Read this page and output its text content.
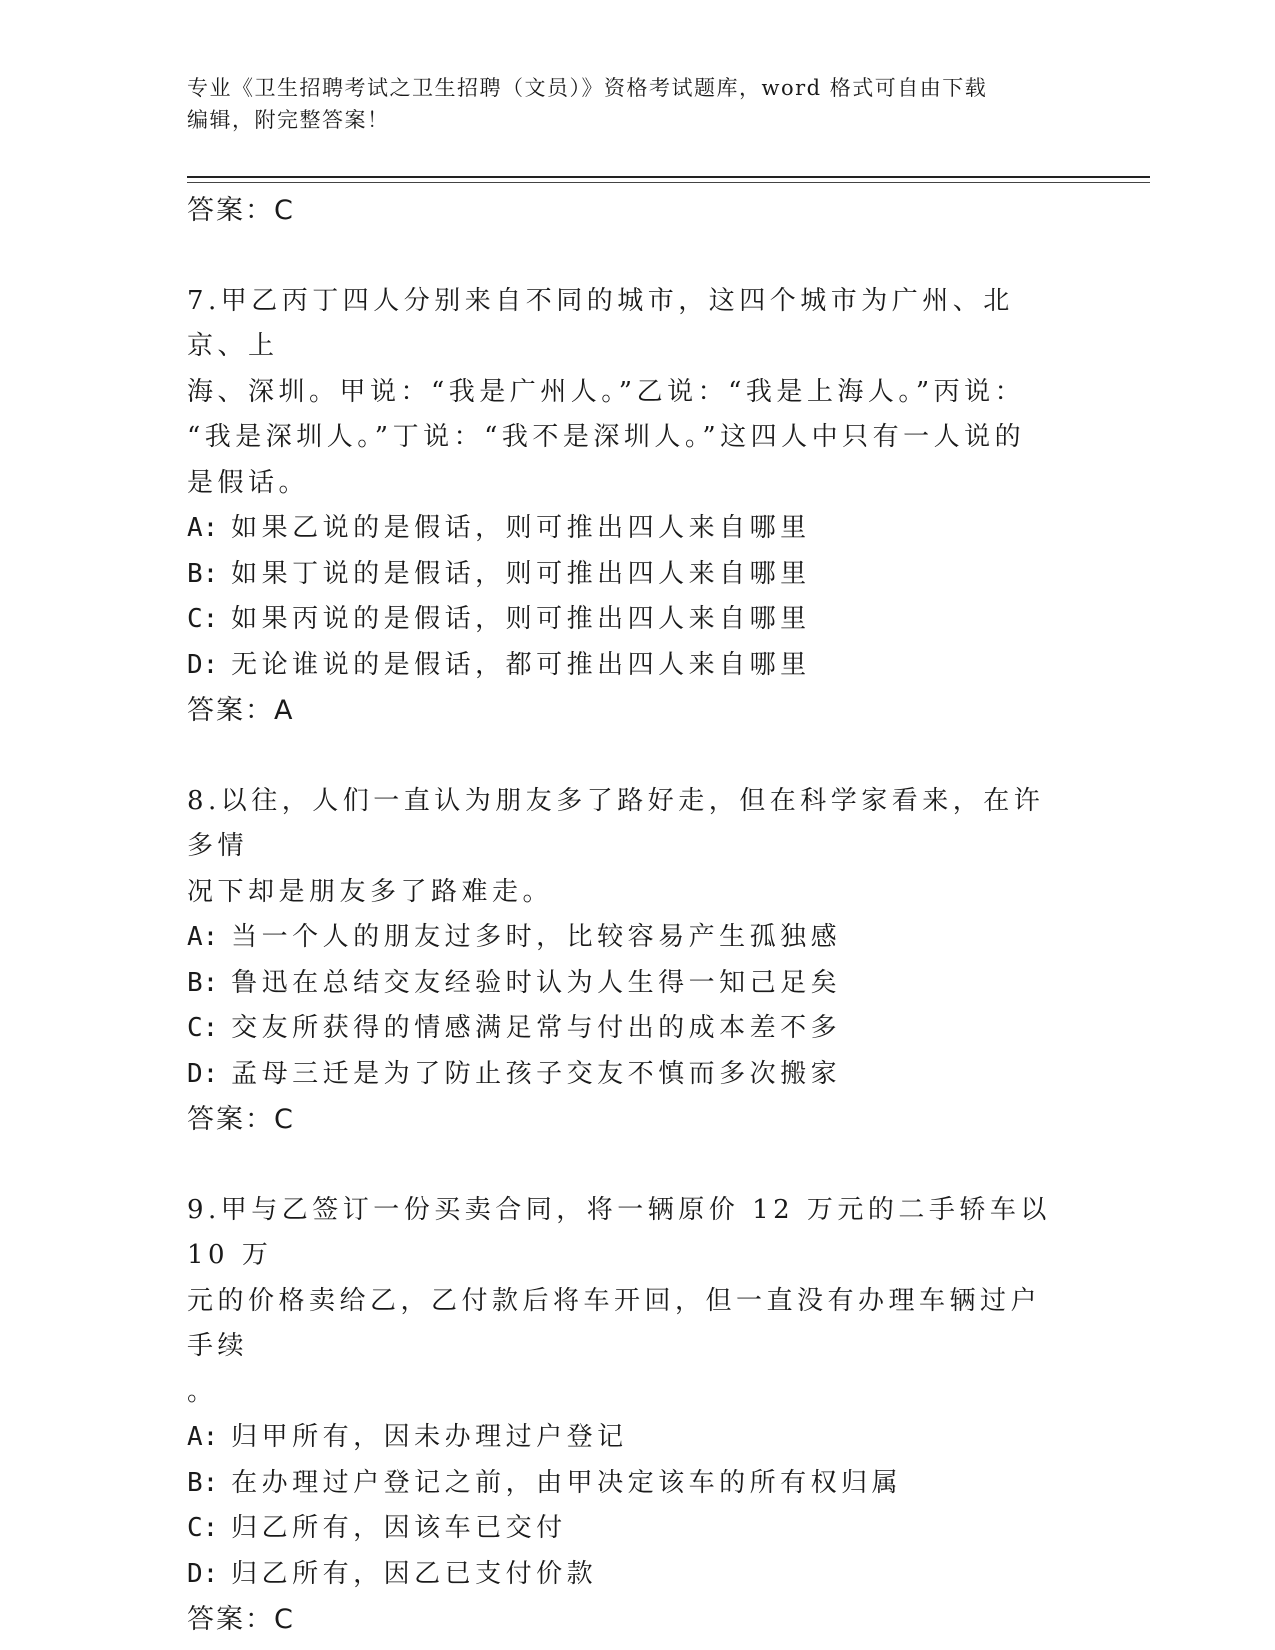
专业《卫生招聘考试之卫生招聘（文员）》资格考试题库，word 格式可自由下载
编辑，附完整答案！
答案：C
7.甲乙丙丁四人分别来自不同的城市，这四个城市为广州、北京、上
海、深圳。甲说：“我是广州人。”乙说：“我是上海人。”丙说：
“我是深圳人。”丁说：“我不是深圳人。”这四人中只有一人说的
是假话。
A: 如果乙说的是假话，则可推出四人来自哪里
B: 如果丁说的是假话，则可推出四人来自哪里
C: 如果丙说的是假话，则可推出四人来自哪里
D: 无论谁说的是假话，都可推出四人来自哪里
答案：A
8.以往，人们一直认为朋友多了路好走，但在科学家看来，在许多情
况下却是朋友多了路难走。
A: 当一个人的朋友过多时，比较容易产生孤独感
B: 鲁迅在总结交友经验时认为人生得一知己足矣
C: 交友所获得的情感满足常与付出的成本差不多
D: 孟母三迁是为了防止孩子交友不慎而多次搬家
答案：C
9.甲与乙签订一份买卖合同，将一辆原价 12 万元的二手轿车以 10 万
元的价格卖给乙，乙付款后将车开回，但一直没有办理车辆过户手续
。
A: 归甲所有，因未办理过户登记
B: 在办理过户登记之前，由甲决定该车的所有权归属
C: 归乙所有，因该车已交付
D: 归乙所有，因乙已支付价款
答案：C
